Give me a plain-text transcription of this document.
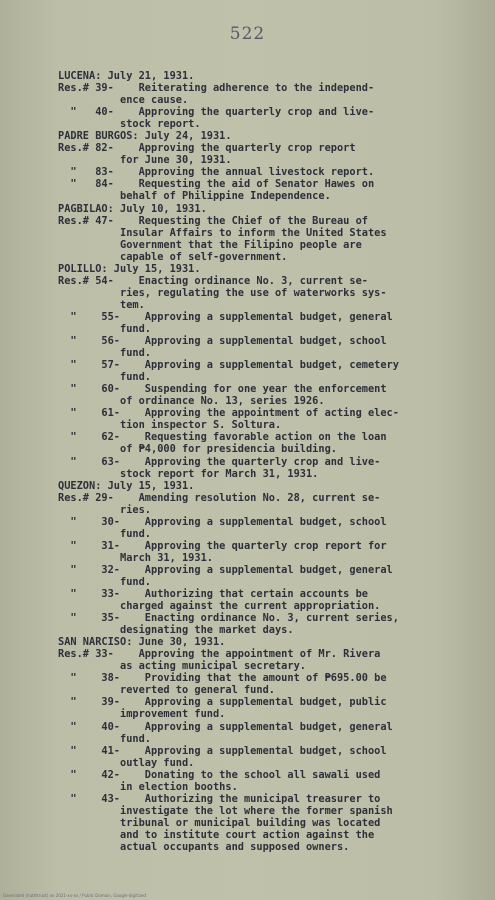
522
LUCENA: July 21, 1931.
Res.# 39-    Reiterating adherence to the independ-
ence cause.
"   40-    Approving the quarterly crop and live-
stock report.
PADRE BURGOS: July 24, 1931.
Res.# 82-    Approving the quarterly crop report
for June 30, 1931.
"   83-    Approving the annual livestock report.
"   84-    Requesting the aid of Senator Hawes on
behalf of Philippine Independence.
PAGBILAO: July 10, 1931.
Res.# 47-    Requesting the Chief of the Bureau of
Insular Affairs to inform the United States
Government that the Filipino people are
capable of self-government.
POLILLO: July 15, 1931.
Res.# 54-    Enacting ordinance No. 3, current se-
ries, regulating the use of waterworks sys-
tem.
"    55-    Approving a supplemental budget, general
fund.
"    56-    Approving a supplemental budget, school
fund.
"    57-    Approving a supplemental budget, cemetery
fund.
"    60-    Suspending for one year the enforcement
of ordinance No. 13, series 1926.
"    61-    Approving the appointment of acting elec-
tion inspector S. Soltura.
"    62-    Requesting favorable action on the loan
of ₱4,000 for presidencia building.
"    63-    Approving the quarterly crop and live-
stock report for March 31, 1931.
QUEZON: July 15, 1931.
Res.# 29-    Amending resolution No. 28, current se-
ries.
"    30-    Approving a supplemental budget, school
fund.
"    31-    Approving the quarterly crop report for
March 31, 1931.
"    32-    Approving a supplemental budget, general
fund.
"    33-    Authorizing that certain accounts be
charged against the current appropriation.
"    35-    Enacting ordinance No. 3, current series,
designating the market days.
SAN NARCISO: June 30, 1931.
Res.# 33-    Approving the appointment of Mr. Rivera
as acting municipal secretary.
"    38-    Providing that the amount of ₱695.00 be
reverted to general fund.
"    39-    Approving a supplemental budget, public
improvement fund.
"    40-    Approving a supplemental budget, general
fund.
"    41-    Approving a supplemental budget, school
outlay fund.
"    42-    Donating to the school all sawali used
in election booths.
"    43-    Authorizing the municipal treasurer to
investigate the lot where the former spanish
tribunal or municipal building was located
and to institute court action against the
actual occupants and supposed owners.
Generated (hathitrust) on 2021-xx-xx / Public Domain, Google-digitized
